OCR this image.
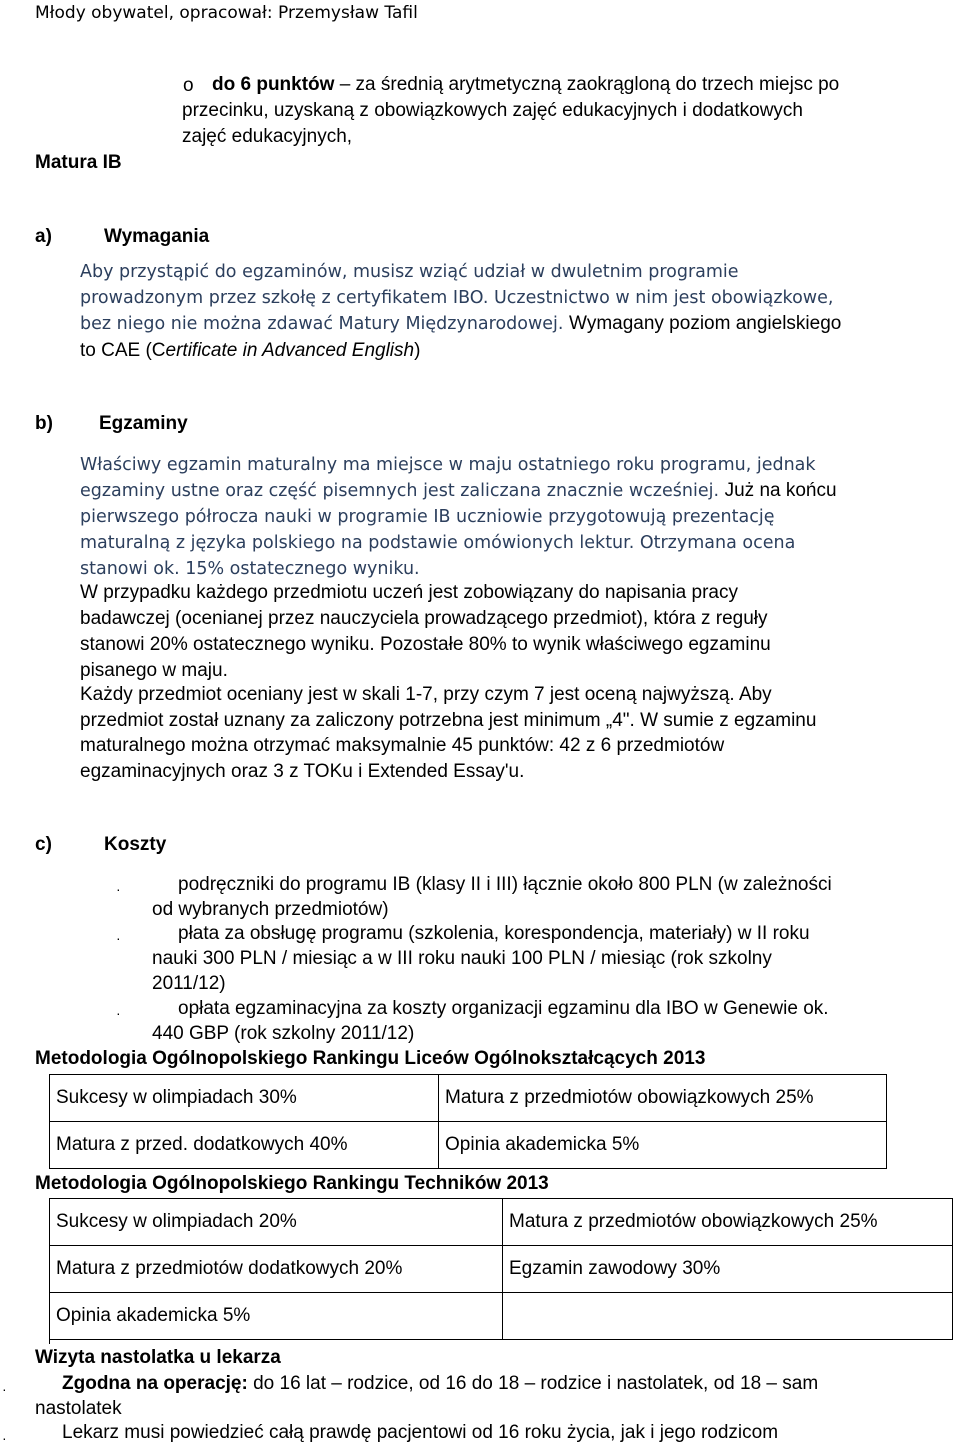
Młody obywatel, opracował: Przemysław Tafil
o do 6 punktów – za średnią arytmetyczną zaokrągloną do trzech miejsc po
przecinku, uzyskaną z obowiązkowych zajęć edukacyjnych i dodatkowych
zajęć edukacyjnych,
Matura IB
a)	Wymagania
Aby przystąpić do egzaminów, musisz wziąć udział w dwuletnim programie
prowadzonym przez szkołę z certyfikatem IBO. Uczestnictwo w nim jest obowiązkowe,
bez niego nie można zdawać Matury Międzynarodowej. Wymagany poziom angielskiego
to CAE (Certificate in Advanced English)
b) Egzaminy
Właściwy egzamin maturalny ma miejsce w maju ostatniego roku programu, jednak
egzaminy ustne oraz część pisemnych jest zaliczana znacznie wcześniej. Już na końcu
pierwszego półrocza nauki w programie IB uczniowie przygotowują prezentację
maturalną z języka polskiego na podstawie omówionych lektur. Otrzymana ocena
stanowi ok. 15% ostatecznego wyniku.
W przypadku każdego przedmiotu uczeń jest zobowiązany do napisania pracy
badawczej (ocenianej przez nauczyciela prowadzącego przedmiot), która z reguły
stanowi 20% ostatecznego wyniku. Pozostałe 80% to wynik właściwego egzaminu
pisanego w maju.
Każdy przedmiot oceniany jest w skali 1-7, przy czym 7 jest oceną najwyższą. Aby
przedmiot został uznany za zaliczony potrzebna jest minimum „4". W sumie z egzaminu
maturalnego można otrzymać maksymalnie 45 punktów: 42 z 6 przedmiotów
egzaminacyjnych oraz 3 z TOKu i Extended Essay'u.
c)	Koszty
·	podręczniki do programu IB (klasy II i III) łącznie około 800 PLN (w zależności
od wybranych przedmiotów)
·	płata za obsługę programu (szkolenia, korespondencja, materiały) w II roku
nauki 300 PLN / miesiąc a w III roku nauki 100 PLN / miesiąc (rok szkolny
2011/12)
·	opłata egzaminacyjna za koszty organizacji egzaminu dla IBO w Genewie ok.
440 GBP (rok szkolny 2011/12)
Metodologia Ogólnopolskiego Rankingu Liceów Ogólnokształcących 2013
Sukcesy w olimpiadach 30%	Matura z przedmiotów obowiązkowych 25%
Matura z przed. dodatkowych 40%	Opinia akademicka 5%
Metodologia Ogólnopolskiego Rankingu Techników 2013
Sukcesy w olimpiadach 20%	Matura z przedmiotów obowiązkowych 25%
Matura z przedmiotów dodatkowych 20%	Egzamin zawodowy 30%
Opinia akademicka 5%	
Wizyta nastolatka u lekarza
·	Zgodna na operację: do 16 lat – rodzice, od 16 do 18 – rodzice i nastolatek, od 18 – sam
nastolatek
·	Lekarz musi powiedzieć całą prawdę pacjentowi od 16 roku życia, jak i jego rodzicom
